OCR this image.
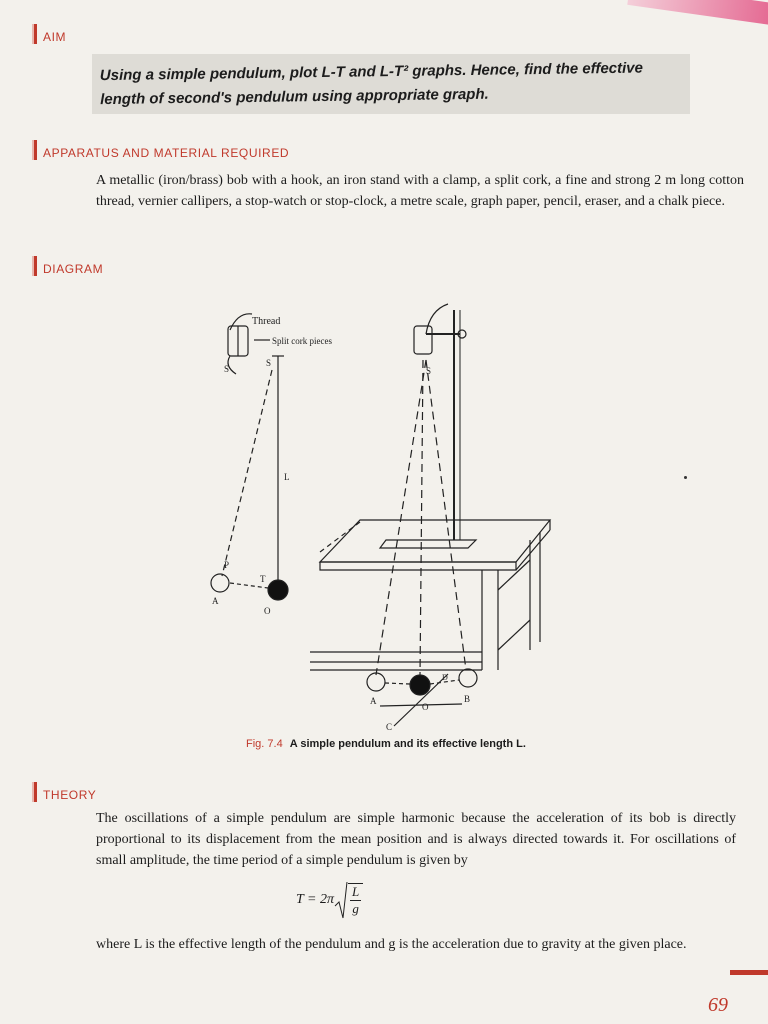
AIM
Using a simple pendulum, plot L-T and L-T² graphs. Hence, find the effective length of second's pendulum using appropriate graph.
APPARATUS AND MATERIAL REQUIRED
A metallic (iron/brass) bob with a hook, an iron stand with a clamp, a split cork, a fine and strong 2 m long cotton thread, vernier callipers, a stop-watch or stop-clock, a metre scale, graph paper, pencil, eraser, and a chalk piece.
DIAGRAM
Thread
Split cork pieces
S
S
L
T
P
A
O
S
A	B
O
C
D
Fig. 7.4 A simple pendulum and its effective length L.
THEORY
The oscillations of a simple pendulum are simple harmonic because the acceleration of its bob is directly proportional to its displacement from the mean position and is always directed towards it. For oscillations of small amplitude, the time period of a simple pendulum is given by
$T = 2\pi \frac{L}{g}$
where L is the effective length of the pendulum and g is the acceleration due to gravity at the given place.
69
